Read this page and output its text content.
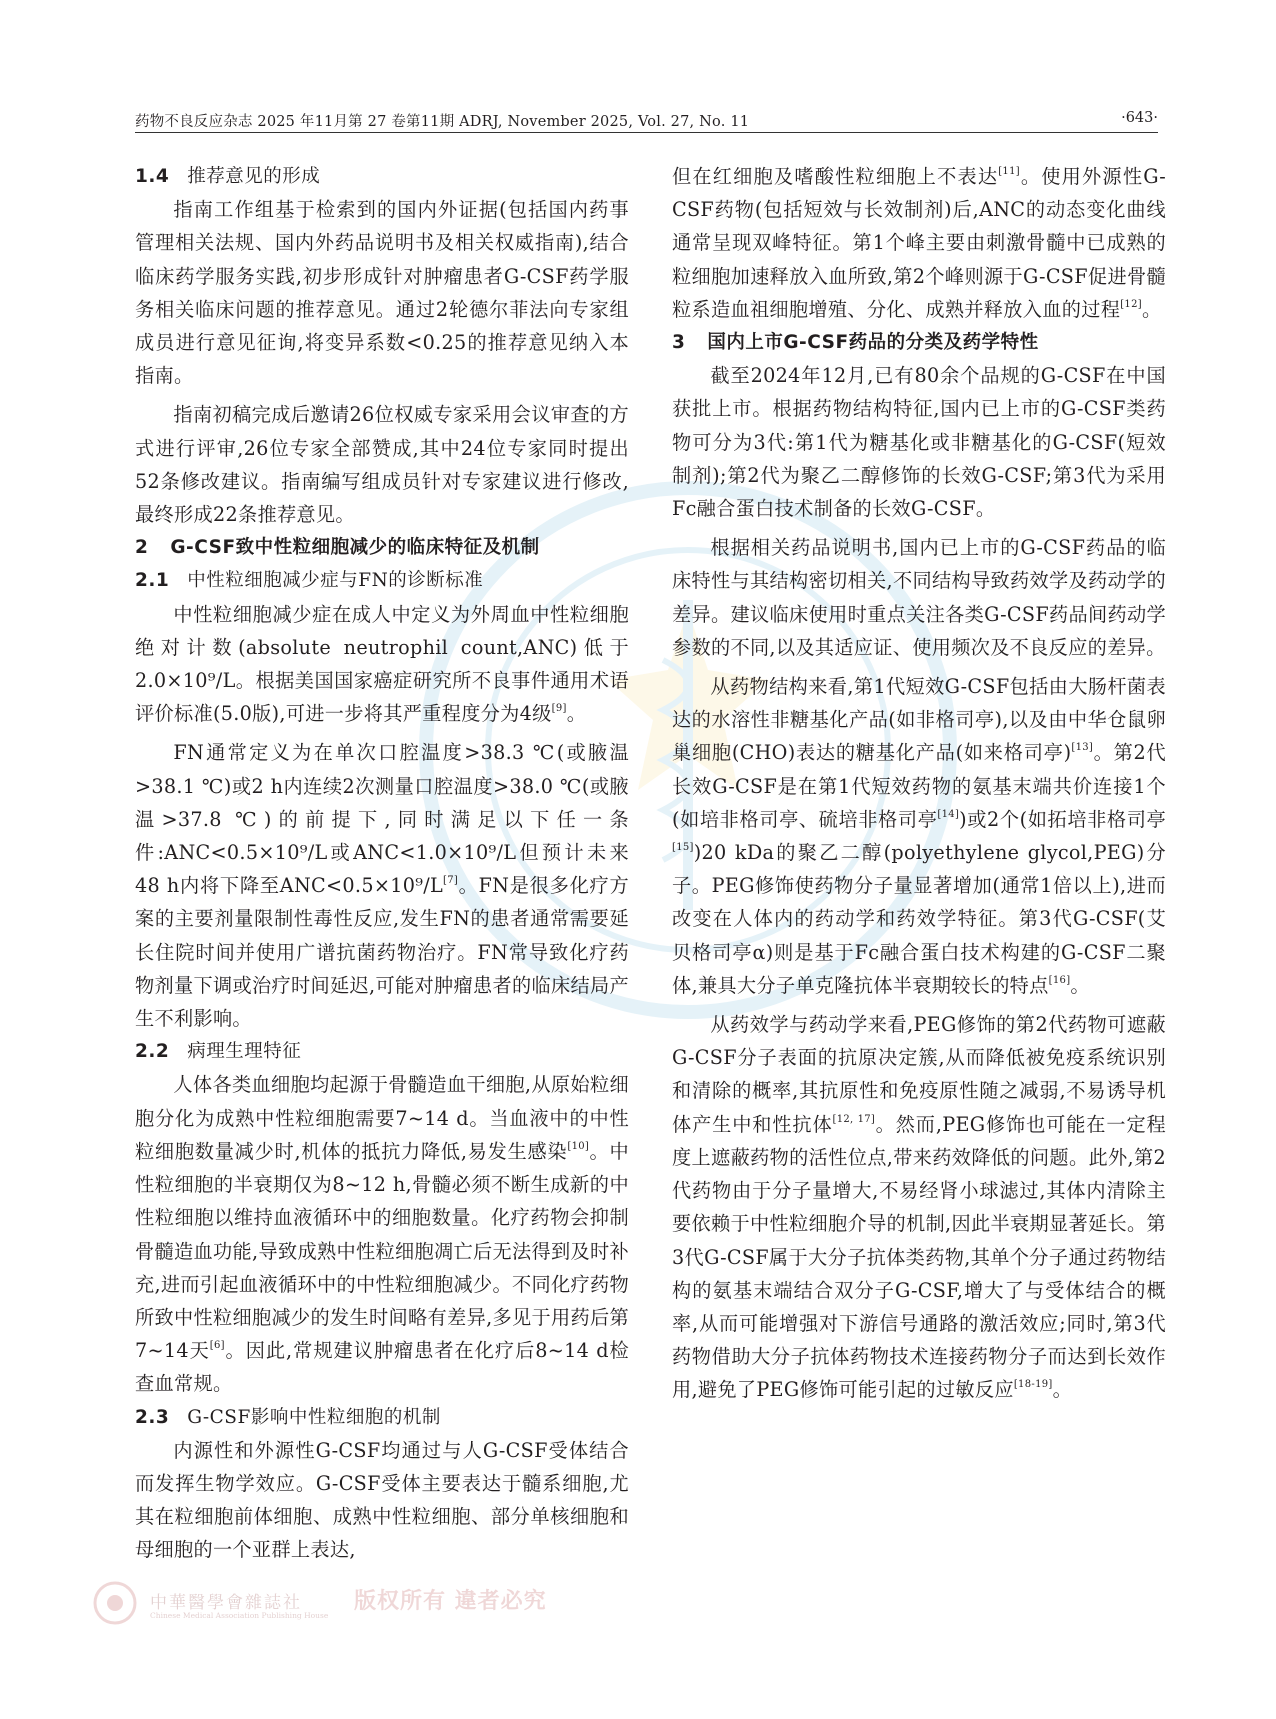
药物不良反应杂志 2025 年11月第 27 卷第11期 ADRJ, November 2025, Vol. 27, No. 11	·643·

1.4 推荐意见的形成

指南工作组基于检索到的国内外证据(包括国内药事管理相关法规、国内外药品说明书及相关权威指南),结合临床药学服务实践,初步形成针对肿瘤患者G-CSF药学服务相关临床问题的推荐意见。通过2轮德尔菲法向专家组成员进行意见征询,将变异系数<0.25的推荐意见纳入本指南。

指南初稿完成后邀请26位权威专家采用会议审查的方式进行评审,26位专家全部赞成,其中24位专家同时提出52条修改建议。指南编写组成员针对专家建议进行修改,最终形成22条推荐意见。

2 G-CSF致中性粒细胞减少的临床特征及机制

2.1 中性粒细胞减少症与FN的诊断标准

中性粒细胞减少症在成人中定义为外周血中性粒细胞绝对计数(absolute neutrophil count,ANC)低于2.0×10⁹/L。根据美国国家癌症研究所不良事件通用术语评价标准(5.0版),可进一步将其严重程度分为4级[9]。

FN通常定义为在单次口腔温度>38.3 ℃(或腋温>38.1 ℃)或2 h内连续2次测量口腔温度>38.0 ℃(或腋温>37.8 ℃)的前提下,同时满足以下任一条件:ANC<0.5×10⁹/L或ANC<1.0×10⁹/L但预计未来48 h内将下降至ANC<0.5×10⁹/L[7]。FN是很多化疗方案的主要剂量限制性毒性反应,发生FN的患者通常需要延长住院时间并使用广谱抗菌药物治疗。FN常导致化疗药物剂量下调或治疗时间延迟,可能对肿瘤患者的临床结局产生不利影响。

2.2 病理生理特征

人体各类血细胞均起源于骨髓造血干细胞,从原始粒细胞分化为成熟中性粒细胞需要7~14 d。当血液中的中性粒细胞数量减少时,机体的抵抗力降低,易发生感染[10]。中性粒细胞的半衰期仅为8~12 h,骨髓必须不断生成新的中性粒细胞以维持血液循环中的细胞数量。化疗药物会抑制骨髓造血功能,导致成熟中性粒细胞凋亡后无法得到及时补充,进而引起血液循环中的中性粒细胞减少。不同化疗药物所致中性粒细胞减少的发生时间略有差异,多见于用药后第7~14天[6]。因此,常规建议肿瘤患者在化疗后8~14 d检查血常规。

2.3 G-CSF影响中性粒细胞的机制

内源性和外源性G-CSF均通过与人G-CSF受体结合而发挥生物学效应。G-CSF受体主要表达于髓系细胞,尤其在粒细胞前体细胞、成熟中性粒细胞、部分单核细胞和母细胞的一个亚群上表达,

但在红细胞及嗜酸性粒细胞上不表达[11]。使用外源性G-CSF药物(包括短效与长效制剂)后,ANC的动态变化曲线通常呈现双峰特征。第1个峰主要由刺激骨髓中已成熟的粒细胞加速释放入血所致,第2个峰则源于G-CSF促进骨髓粒系造血祖细胞增殖、分化、成熟并释放入血的过程[12]。

3 国内上市G-CSF药品的分类及药学特性

截至2024年12月,已有80余个品规的G-CSF在中国获批上市。根据药物结构特征,国内已上市的G-CSF类药物可分为3代:第1代为糖基化或非糖基化的G-CSF(短效制剂);第2代为聚乙二醇修饰的长效G-CSF;第3代为采用Fc融合蛋白技术制备的长效G-CSF。

根据相关药品说明书,国内已上市的G-CSF药品的临床特性与其结构密切相关,不同结构导致药效学及药动学的差异。建议临床使用时重点关注各类G-CSF药品间药动学参数的不同,以及其适应证、使用频次及不良反应的差异。

从药物结构来看,第1代短效G-CSF包括由大肠杆菌表达的水溶性非糖基化产品(如非格司亭),以及由中华仓鼠卵巢细胞(CHO)表达的糖基化产品(如来格司亭)[13]。第2代长效G-CSF是在第1代短效药物的氨基末端共价连接1个(如培非格司亭、硫培非格司亭[14])或2个(如拓培非格司亭[15])20 kDa的聚乙二醇(polyethylene glycol,PEG)分子。PEG修饰使药物分子量显著增加(通常1倍以上),进而改变在人体内的药动学和药效学特征。第3代G-CSF(艾贝格司亭α)则是基于Fc融合蛋白技术构建的G-CSF二聚体,兼具大分子单克隆抗体半衰期较长的特点[16]。

从药效学与药动学来看,PEG修饰的第2代药物可遮蔽G-CSF分子表面的抗原决定簇,从而降低被免疫系统识别和清除的概率,其抗原性和免疫原性随之减弱,不易诱导机体产生中和性抗体[12, 17]。然而,PEG修饰也可能在一定程度上遮蔽药物的活性位点,带来药效降低的问题。此外,第2代药物由于分子量增大,不易经肾小球滤过,其体内清除主要依赖于中性粒细胞介导的机制,因此半衰期显著延长。第3代G-CSF属于大分子抗体类药物,其单个分子通过药物结构的氨基末端结合双分子G-CSF,增大了与受体结合的概率,从而可能增强对下游信号通路的激活效应;同时,第3代药物借助大分子抗体药物技术连接药物分子而达到长效作用,避免了PEG修饰可能引起的过敏反应[18-19]。

中華醫學會雜誌社
Chinese Medical Association Publishing House
版权所有 違者必究
